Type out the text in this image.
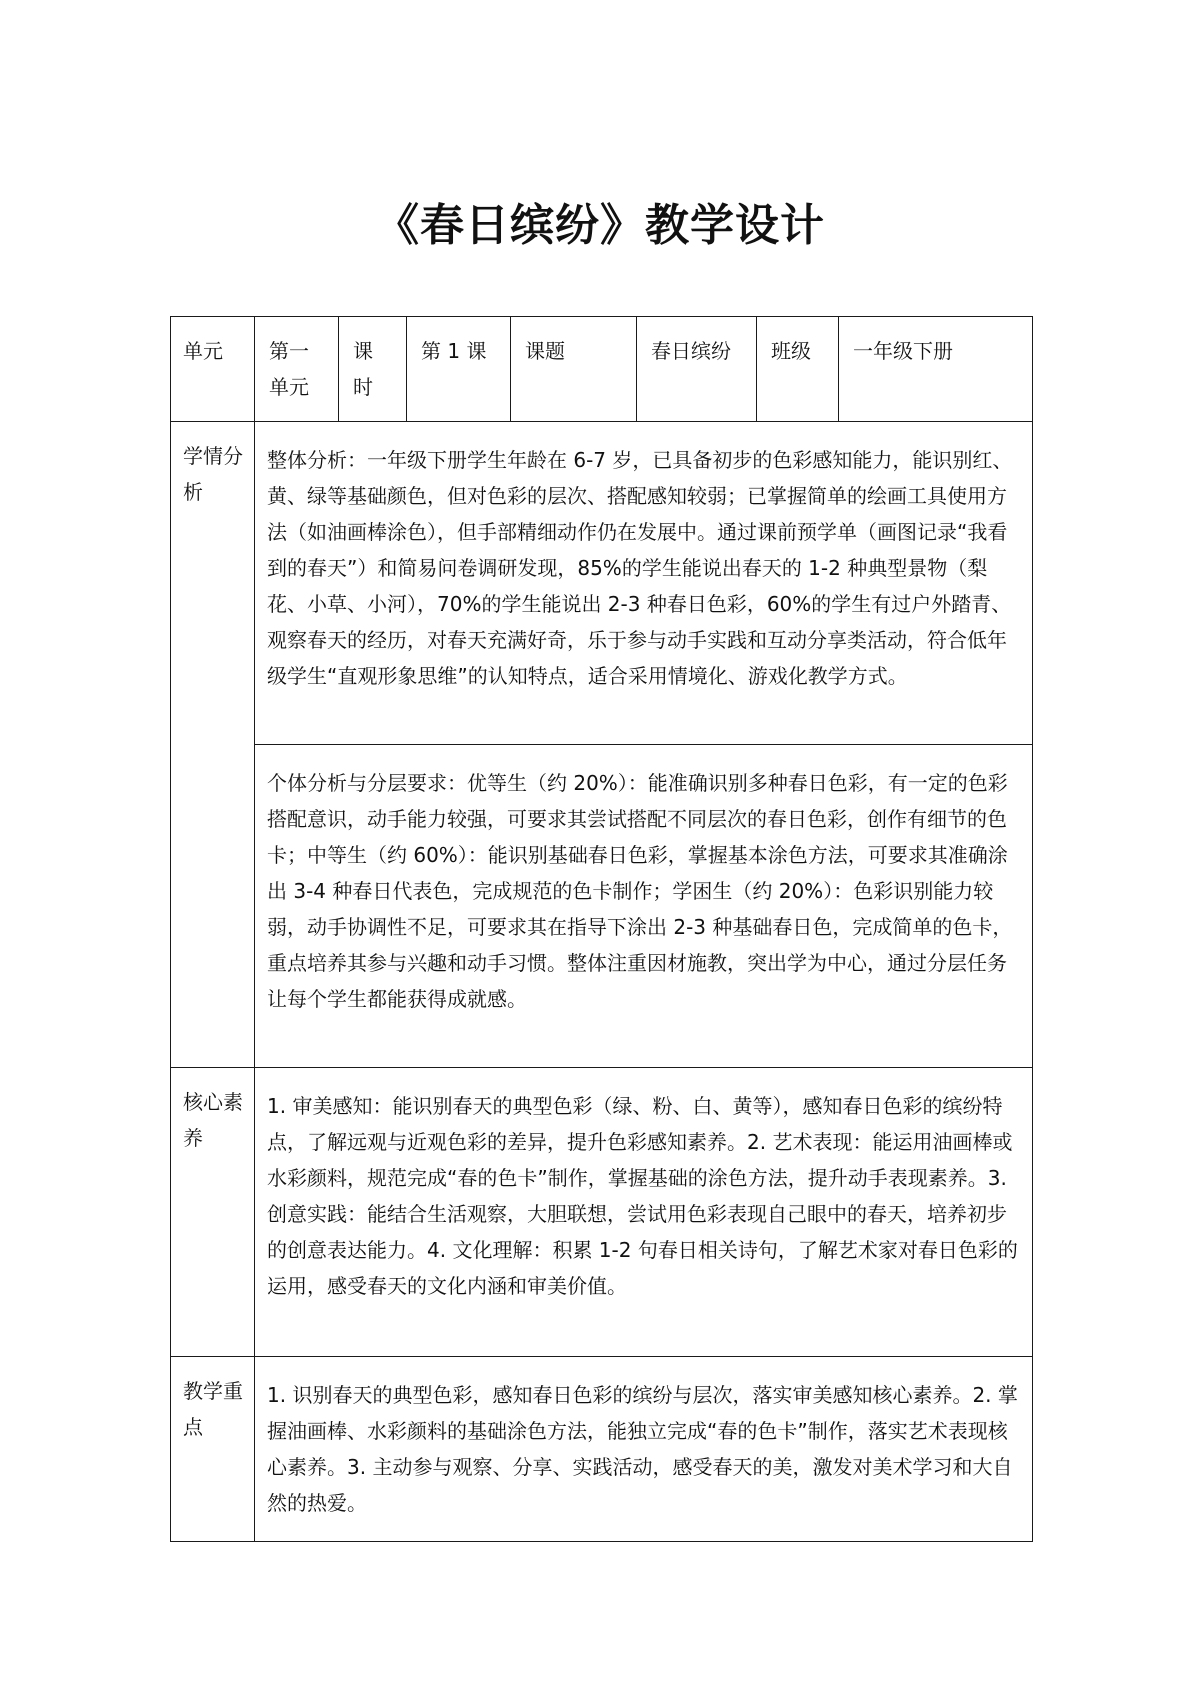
《春日缤纷》教学设计
单元	第一单元	课时	第 1 课	课题	春日缤纷	班级	一年级下册

学情分析	整体分析：一年级下册学生年龄在 6-7 岁，已具备初步的色彩感知能力，能识别红、黄、绿等基础颜色，但对色彩的层次、搭配感知较弱；已掌握简单的绘画工具使用方法（如油画棒涂色），但手部精细动作仍在发展中。通过课前预学单（画图记录“我看到的春天”）和简易问卷调研发现，85%的学生能说出春天的 1-2 种典型景物（梨花、小草、小河），70%的学生能说出 2-3 种春日色彩，60%的学生有过户外踏青、观察春天的经历，对春天充满好奇，乐于参与动手实践和互动分享类活动，符合低年级学生“直观形象思维”的认知特点，适合采用情境化、游戏化教学方式。						

	个体分析与分层要求：优等生（约 20%）：能准确识别多种春日色彩，有一定的色彩搭配意识，动手能力较强，可要求其尝试搭配不同层次的春日色彩，创作有细节的色卡；中等生（约 60%）：能识别基础春日色彩，掌握基本涂色方法，可要求其准确涂出 3-4 种春日代表色，完成规范的色卡制作；学困生（约 20%）：色彩识别能力较弱，动手协调性不足，可要求其在指导下涂出 2-3 种基础春日色，完成简单的色卡，重点培养其参与兴趣和动手习惯。整体注重因材施教，突出学为中心，通过分层任务让每个学生都能获得成就感。						

核心素养	1. 审美感知：能识别春天的典型色彩（绿、粉、白、黄等），感知春日色彩的缤纷特点，了解远观与近观色彩的差异，提升色彩感知素养。2. 艺术表现：能运用油画棒或水彩颜料，规范完成“春的色卡”制作，掌握基础的涂色方法，提升动手表现素养。3. 创意实践：能结合生活观察，大胆联想，尝试用色彩表现自己眼中的春天，培养初步的创意表达能力。4. 文化理解：积累 1-2 句春日相关诗句，了解艺术家对春日色彩的运用，感受春天的文化内涵和审美价值。						

教学重点	1. 识别春天的典型色彩，感知春日色彩的缤纷与层次，落实审美感知核心素养。2. 掌握油画棒、水彩颜料的基础涂色方法，能独立完成“春的色卡”制作，落实艺术表现核心素养。3. 主动参与观察、分享、实践活动，感受春天的美，激发对美术学习和大自然的热爱。						
